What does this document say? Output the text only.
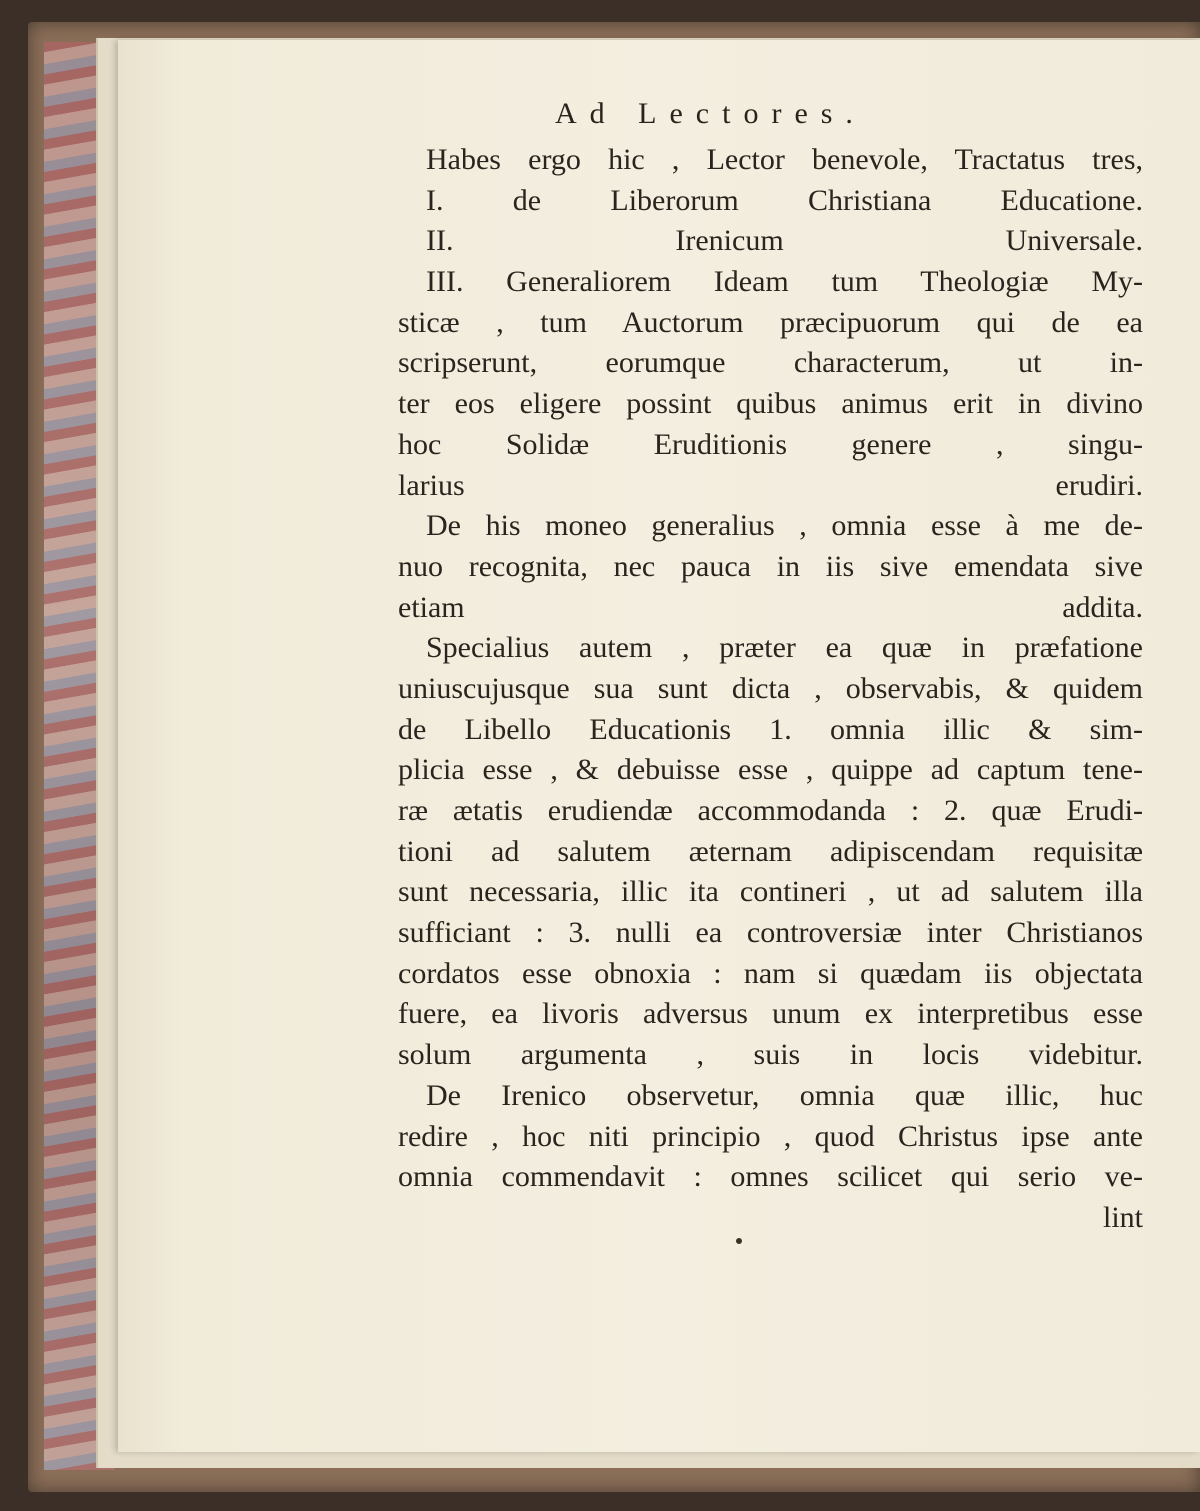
Ad Lectores.
Habes ergo hic , Lector benevole, Tractatus tres,
I. de Liberorum Christiana Educatione.
II. Irenicum Universale.
III. Generaliorem Ideam tum Theologiæ My-
sticæ , tum Auctorum præcipuorum qui de ea
scripserunt, eorumque characterum, ut in-
ter eos eligere possint quibus animus erit in divino
hoc Solidæ Eruditionis genere , singu-
larius erudiri.
De his moneo generalius , omnia esse à me de-
nuo recognita, nec pauca in iis sive emendata sive
etiam addita.
Specialius autem , præter ea quæ in præfatione
uniuscujusque sua sunt dicta , observabis, & quidem
de Libello Educationis 1. omnia illic & sim-
plicia esse , & debuisse esse , quippe ad captum tene-
ræ ætatis erudiendæ accommodanda : 2. quæ Erudi-
tioni ad salutem æternam adipiscendam requisitæ
sunt necessaria, illic ita contineri , ut ad salutem illa
sufficiant : 3. nulli ea controversiæ inter Christianos
cordatos esse obnoxia : nam si quædam iis objectata
fuere, ea livoris adversus unum ex interpretibus esse
solum argumenta , suis in locis videbitur.
De Irenico observetur, omnia quæ illic, huc
redire , hoc niti principio , quod Christus ipse ante
omnia commendavit : omnes scilicet qui serio ve-
lint
